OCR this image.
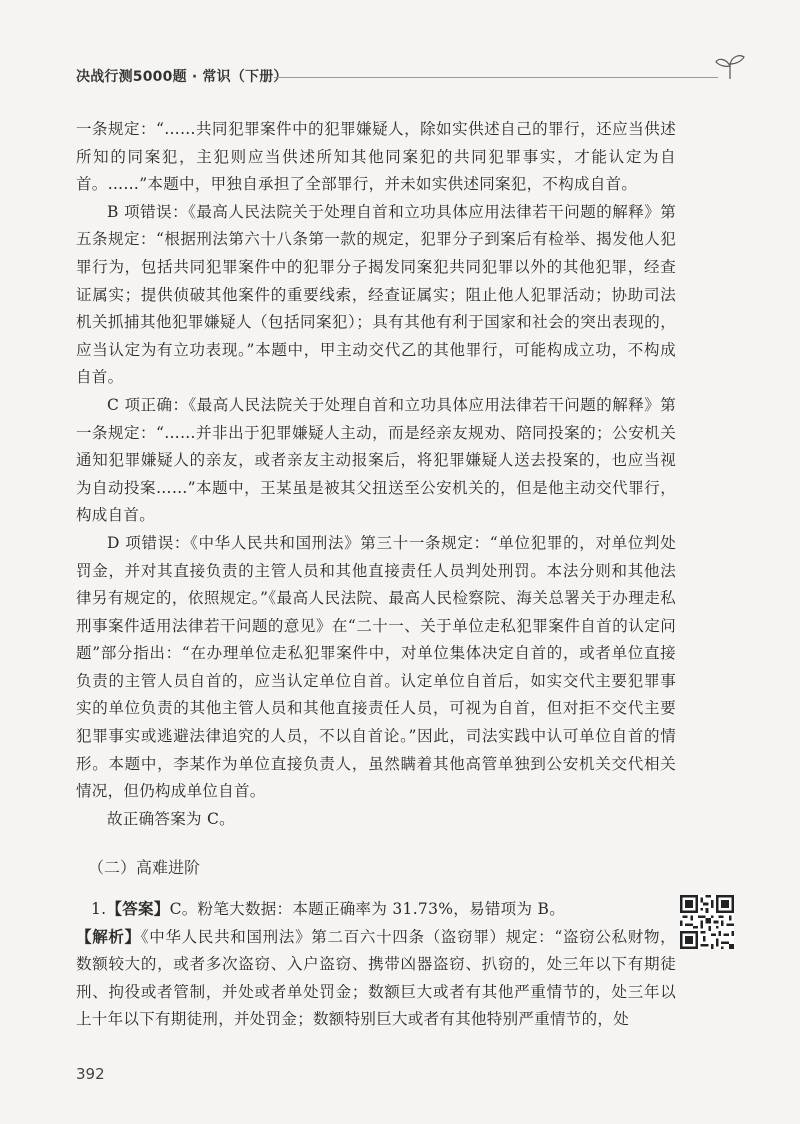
决战行测5000题 · 常识（下册）

一条规定：“……共同犯罪案件中的犯罪嫌疑人，除如实供述自己的罪行，还应当供述所知的同案犯，主犯则应当供述所知其他同案犯的共同犯罪事实，才能认定为自首。……”本题中，甲独自承担了全部罪行，并未如实供述同案犯，不构成自首。

B 项错误：《最高人民法院关于处理自首和立功具体应用法律若干问题的解释》第五条规定：“根据刑法第六十八条第一款的规定，犯罪分子到案后有检举、揭发他人犯罪行为，包括共同犯罪案件中的犯罪分子揭发同案犯共同犯罪以外的其他犯罪，经查证属实；提供侦破其他案件的重要线索，经查证属实；阻止他人犯罪活动；协助司法机关抓捕其他犯罪嫌疑人（包括同案犯）；具有其他有利于国家和社会的突出表现的，应当认定为有立功表现。”本题中，甲主动交代乙的其他罪行，可能构成立功，不构成自首。

C 项正确：《最高人民法院关于处理自首和立功具体应用法律若干问题的解释》第一条规定：“……并非出于犯罪嫌疑人主动，而是经亲友规劝、陪同投案的；公安机关通知犯罪嫌疑人的亲友，或者亲友主动报案后，将犯罪嫌疑人送去投案的，也应当视为自动投案……”本题中，王某虽是被其父扭送至公安机关的，但是他主动交代罪行，构成自首。

D 项错误：《中华人民共和国刑法》第三十一条规定：“单位犯罪的，对单位判处罚金，并对其直接负责的主管人员和其他直接责任人员判处刑罚。本法分则和其他法律另有规定的，依照规定。”《最高人民法院、最高人民检察院、海关总署关于办理走私刑事案件适用法律若干问题的意见》在“二十一、关于单位走私犯罪案件自首的认定问题”部分指出：“在办理单位走私犯罪案件中，对单位集体决定自首的，或者单位直接负责的主管人员自首的，应当认定单位自首。认定单位自首后，如实交代主要犯罪事实的单位负责的其他主管人员和其他直接责任人员，可视为自首，但对拒不交代主要犯罪事实或逃避法律追究的人员，不以自首论。”因此，司法实践中认可单位自首的情形。本题中，李某作为单位直接负责人，虽然瞒着其他高管单独到公安机关交代相关情况，但仍构成单位自首。

故正确答案为 C。

（二）高难进阶

1.【答案】C。粉笔大数据：本题正确率为 31.73%，易错项为 B。

【解析】《中华人民共和国刑法》第二百六十四条（盗窃罪）规定：“盗窃公私财物，数额较大的，或者多次盗窃、入户盗窃、携带凶器盗窃、扒窃的，处三年以下有期徒刑、拘役或者管制，并处或者单处罚金；数额巨大或者有其他严重情节的，处三年以上十年以下有期徒刑，并处罚金；数额特别巨大或者有其他特别严重情节的，处

392
